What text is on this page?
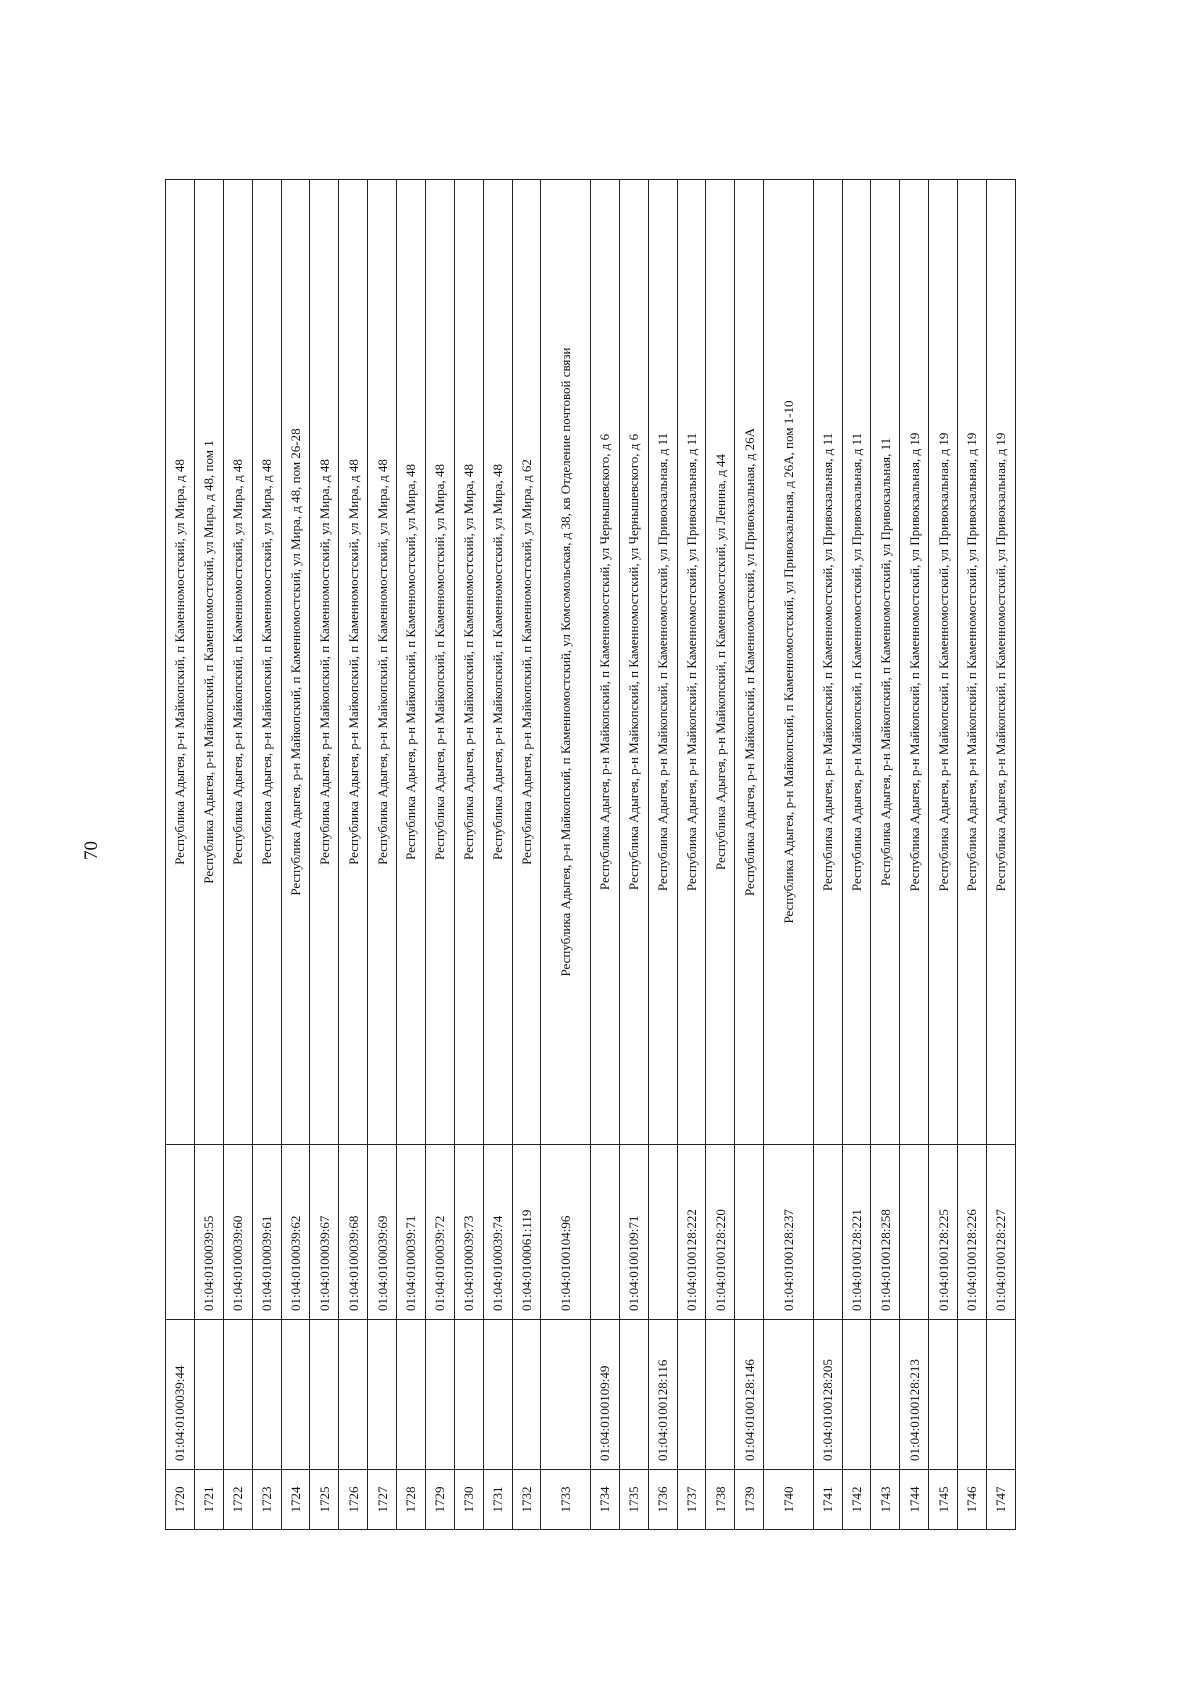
70
1720	01:04:0100039:44		Республика Адыгея, р-н Майкопский, п Каменномостский, ул Мира, д 48
1721		01:04:0100039:55	Республика Адыгея, р-н Майкопский, п Каменномостский, ул Мира, д 48, пом 1
1722		01:04:0100039:60	Республика Адыгея, р-н Майкопский, п Каменномостский, ул Мира, д 48
1723		01:04:0100039:61	Республика Адыгея, р-н Майкопский, п Каменномостский, ул Мира, д 48
1724		01:04:0100039:62	Республика Адыгея, р-н Майкопский, п Каменномостский, ул Мира, д 48, пом 26-28
1725		01:04:0100039:67	Республика Адыгея, р-н Майкопский, п Каменномостский, ул Мира, д 48
1726		01:04:0100039:68	Республика Адыгея, р-н Майкопский, п Каменномостский, ул Мира, д 48
1727		01:04:0100039:69	Республика Адыгея, р-н Майкопский, п Каменномостский, ул Мира, д 48
1728		01:04:0100039:71	Республика Адыгея, р-н Майкопский, п Каменномостский, ул Мира, 48
1729		01:04:0100039:72	Республика Адыгея, р-н Майкопский, п Каменномостский, ул Мира, 48
1730		01:04:0100039:73	Республика Адыгея, р-н Майкопский, п Каменномостский, ул Мира, 48
1731		01:04:0100039:74	Республика Адыгея, р-н Майкопский, п Каменномостский, ул Мира, 48
1732		01:04:0100061:119	Республика Адыгея, р-н Майкопский, п Каменномостский, ул Мира, д 62
1733		01:04:0100104:96	Республика Адыгея, р-н Майкопский, п Каменномостский, ул Комсомольская, д 38, кв Отделение почтовой связи
1734	01:04:0100109:49		Республика Адыгея, р-н Майкопский, п Каменномостский, ул Чернышевского, д 6
1735		01:04:0100109:71	Республика Адыгея, р-н Майкопский, п Каменномостский, ул Чернышевского, д 6
1736	01:04:0100128:116		Республика Адыгея, р-н Майкопский, п Каменномостский, ул Привокзальная, д 11
1737		01:04:0100128:222	Республика Адыгея, р-н Майкопский, п Каменномостский, ул Привокзальная, д 11
1738		01:04:0100128:220	Республика Адыгея, р-н Майкопский, п Каменномостский, ул Ленина, д 44
1739	01:04:0100128:146		Республика Адыгея, р-н Майкопский, п Каменномостский, ул Привокзальная, д 26А
1740		01:04:0100128:237	Республика Адыгея, р-н Майкопский, п Каменномостский, ул Привокзальная, д 26А, пом 1-10
1741	01:04:0100128:205		Республика Адыгея, р-н Майкопский, п Каменномостский, ул Привокзальная, д 11
1742		01:04:0100128:221	Республика Адыгея, р-н Майкопский, п Каменномостский, ул Привокзальная, д 11
1743		01:04:0100128:258	Республика Адыгея, р-н Майкопский, п Каменномостский, ул Привокзальная, 11
1744	01:04:0100128:213		Республика Адыгея, р-н Майкопский, п Каменномостский, ул Привокзальная, д 19
1745		01:04:0100128:225	Республика Адыгея, р-н Майкопский, п Каменномостский, ул Привокзальная, д 19
1746		01:04:0100128:226	Республика Адыгея, р-н Майкопский, п Каменномостский, ул Привокзальная, д 19
1747		01:04:0100128:227	Республика Адыгея, р-н Майкопский, п Каменномостский, ул Привокзальная, д 19
